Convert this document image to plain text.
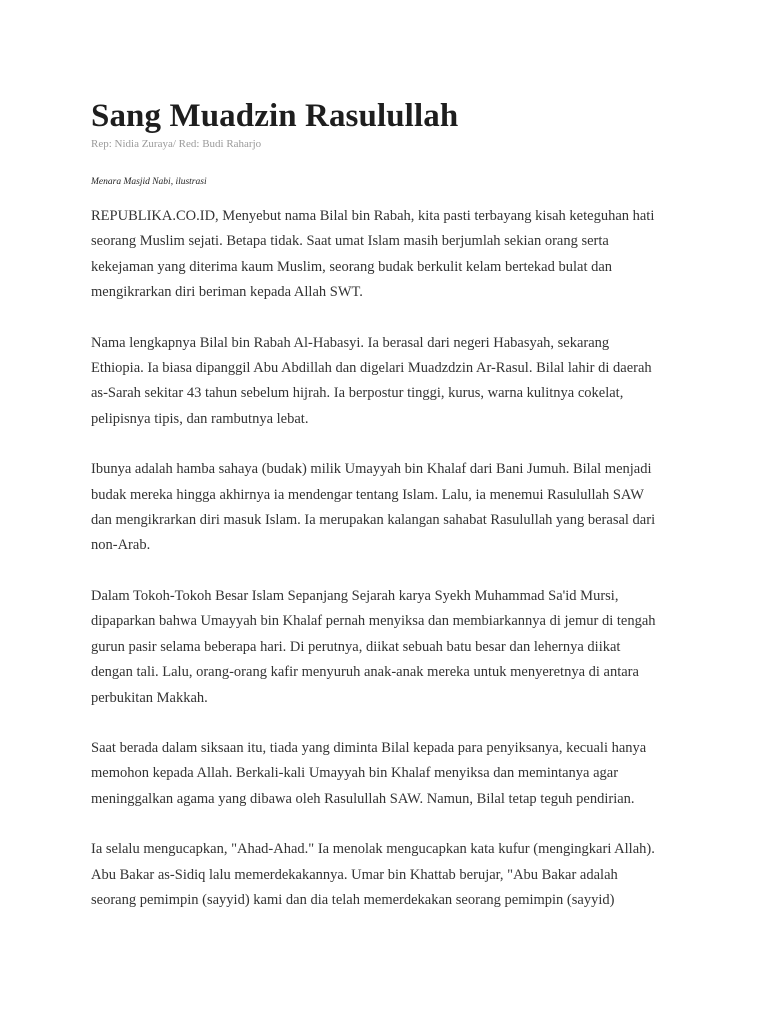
Sang Muadzin Rasulullah

Rep: Nidia Zuraya/ Red: Budi Raharjo

Menara Masjid Nabi, ilustrasi

REPUBLIKA.CO.ID, Menyebut nama Bilal bin Rabah, kita pasti terbayang kisah keteguhan hati
seorang Muslim sejati. Betapa tidak. Saat umat Islam masih berjumlah sekian orang serta
kekejaman yang diterima kaum Muslim, seorang budak berkulit kelam bertekad bulat dan
mengikrarkan diri beriman kepada Allah SWT.

Nama lengkapnya Bilal bin Rabah Al-Habasyi. Ia berasal dari negeri Habasyah, sekarang
Ethiopia. Ia biasa dipanggil Abu Abdillah dan digelari Muadzdzin Ar-Rasul. Bilal lahir di daerah
as-Sarah sekitar 43 tahun sebelum hijrah. Ia berpostur tinggi, kurus, warna kulitnya cokelat,
pelipisnya tipis, dan rambutnya lebat.

Ibunya adalah hamba sahaya (budak) milik Umayyah bin Khalaf dari Bani Jumuh. Bilal menjadi
budak mereka hingga akhirnya ia mendengar tentang Islam. Lalu, ia menemui Rasulullah SAW
dan mengikrarkan diri masuk Islam. Ia merupakan kalangan sahabat Rasulullah yang berasal dari
non-Arab.

Dalam Tokoh-Tokoh Besar Islam Sepanjang Sejarah karya Syekh Muhammad Sa'id Mursi,
dipaparkan bahwa Umayyah bin Khalaf pernah menyiksa dan membiarkannya di jemur di tengah
gurun pasir selama beberapa hari. Di perutnya, diikat sebuah batu besar dan lehernya diikat
dengan tali. Lalu, orang-orang kafir menyuruh anak-anak mereka untuk menyeretnya di antara
perbukitan Makkah.

Saat berada dalam siksaan itu, tiada yang diminta Bilal kepada para penyiksanya, kecuali hanya
memohon kepada Allah. Berkali-kali Umayyah bin Khalaf menyiksa dan memintanya agar
meninggalkan agama yang dibawa oleh Rasulullah SAW. Namun, Bilal tetap teguh pendirian.

Ia selalu mengucapkan, "Ahad-Ahad." Ia menolak mengucapkan kata kufur (mengingkari Allah).
Abu Bakar as-Sidiq lalu memerdekakannya. Umar bin Khattab berujar, "Abu Bakar adalah
seorang pemimpin (sayyid) kami dan dia telah memerdekakan seorang pemimpin (sayyid)
